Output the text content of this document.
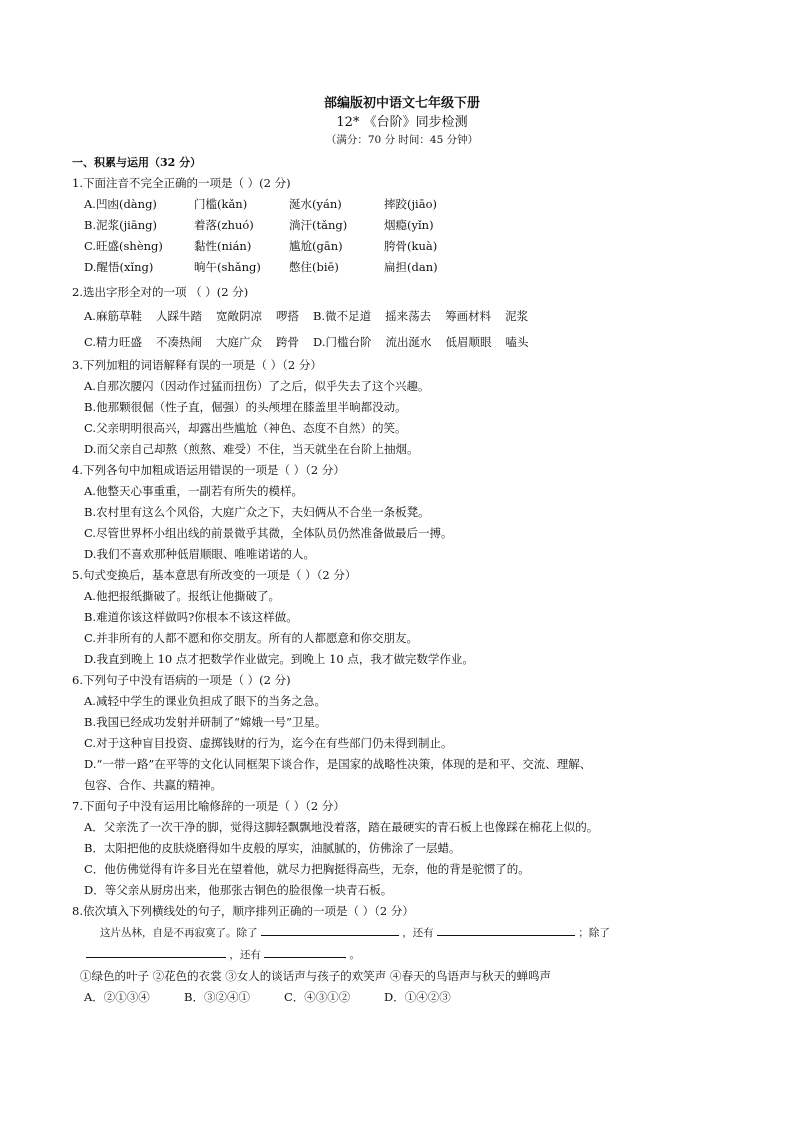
部编版初中语文七年级下册
12* 《台阶》同步检测
（满分：70 分 时间：45 分钟）
一、积累与运用（32 分）
1.下面注音不完全正确的一项是（ ）(2 分)
A.凹凼(dàng)	门槛(kǎn)	涎水(yán)	摔跤(jiāo)
B.泥浆(jiāng)	着落(zhuó)	淌汗(tǎng)	烟瘾(yǐn)
C.旺盛(shèng)	黏性(nián)	尴尬(gān)	胯骨(kuà)
D.醒悟(xǐng)	晌午(shǎng)	憋住(biē)	扁担(dan)
2.选出字形全对的一项 （ ）(2 分)
A.麻筋草鞋 人踩牛踏 宽敞阴凉 啰搭 B.微不足道 摇来荡去 筹画材料 泥浆
C.精力旺盛 不凑热闹 大庭广众 跨骨 D.门槛台阶 流出涎水 低眉顺眼 嗑头
3.下列加粗的词语解释有误的一项是（ ）（2 分）
A.自那次腰闪（因动作过猛而扭伤）了之后，似乎失去了这个兴趣。
B.他那颗很倔（性子直，倔强）的头颅埋在膝盖里半晌都没动。
C.父亲明明很高兴，却露出些尴尬（神色、态度不自然）的笑。
D.而父亲自己却熬（煎熬、难受）不住，当天就坐在台阶上抽烟。
4.下列各句中加粗成语运用错误的一项是（ ）（2 分）
A.他整天心事重重，一副若有所失的模样。
B.农村里有这么个风俗，大庭广众之下，夫妇俩从不合坐一条板凳。
C.尽管世界杯小组出线的前景微乎其微，全体队员仍然准备做最后一搏。
D.我们不喜欢那种低眉顺眼、唯唯诺诺的人。
5.句式变换后，基本意思有所改变的一项是（ ）（2 分）
A.他把报纸撕破了。报纸让他撕破了。
B.难道你该这样做吗?你根本不该这样做。
C.并非所有的人都不愿和你交朋友。所有的人都愿意和你交朋友。
D.我直到晚上 10 点才把数学作业做完。到晚上 10 点，我才做完数学作业。
6.下列句子中没有语病的一项是（ ）(2 分)
A.减轻中学生的课业负担成了眼下的当务之急。
B.我国已经成功发射并研制了“嫦娥一号”卫星。
C.对于这种盲目投资、虚掷钱财的行为，迄今在有些部门仍未得到制止。
D.“一带一路”在平等的文化认同框架下谈合作，是国家的战略性决策，体现的是和平、交流、理解、
包容、合作、共赢的精神。
7.下面句子中没有运用比喻修辞的一项是（ ）（2 分）
A．父亲洗了一次干净的脚，觉得这脚轻飘飘地没着落，踏在最硬实的青石板上也像踩在棉花上似的。
B．太阳把他的皮肤烧磨得如牛皮般的厚实，油腻腻的，仿佛涂了一层蜡。
C．他仿佛觉得有许多目光在望着他，就尽力把胸挺得高些，无奈，他的背是驼惯了的。
D．等父亲从厨房出来，他那张古铜色的脸很像一块青石板。
8.依次填入下列横线处的句子，顺序排列正确的一项是（ ）（2 分）
这片丛林，自是不再寂寞了。除了	，还有	；除了
，还有	。
①绿色的叶子 ②花色的衣裳 ③女人的谈话声与孩子的欢笑声 ④春天的鸟语声与秋天的蝉鸣声
A．②①③④	B．③②④①	C．④③①②	D．①④②③
